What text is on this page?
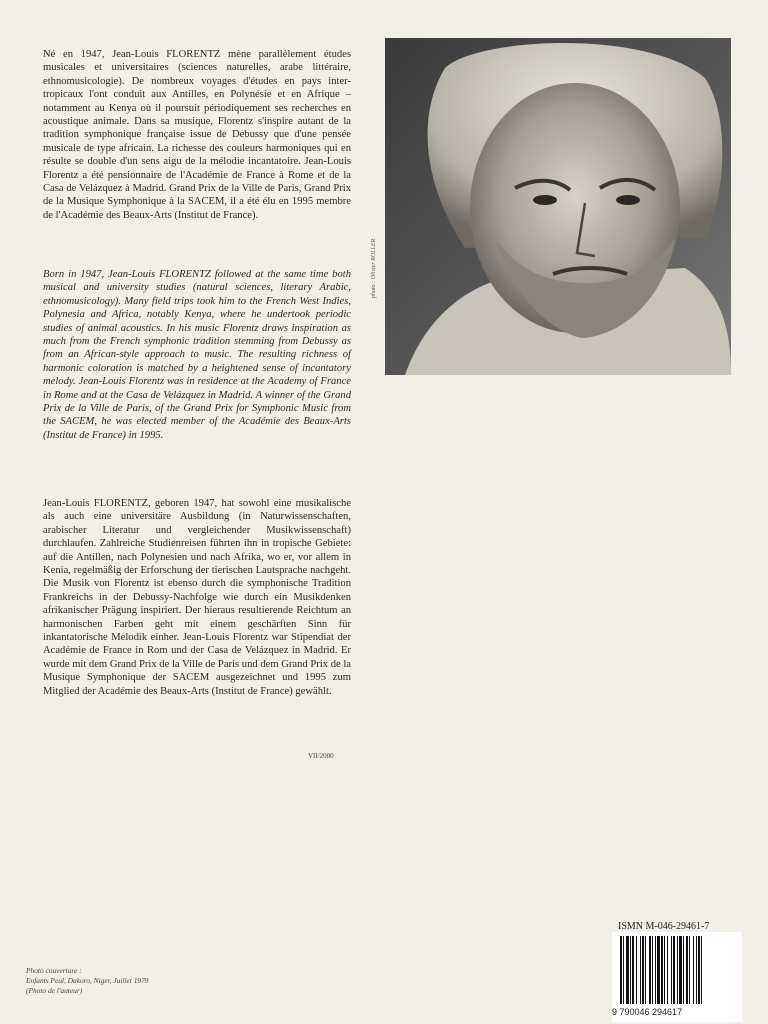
Né en 1947, Jean-Louis FLORENTZ mène parallèlement études musicales et universitaires (sciences naturelles, arabe littéraire, ethnomusicologie). De nombreux voyages d'études en pays inter-tropicaux l'ont conduit aux Antilles, en Polynésie et en Afrique – notamment au Kenya où il poursuit périodiquement ses recherches en acoustique animale. Dans sa musique, Florentz s'inspire autant de la tradition symphonique française issue de Debussy que d'une pensée musicale de type africain. La richesse des couleurs harmoniques qui en résulte se double d'un sens aigu de la mélodie incantatoire. Jean-Louis Florentz a été pensionnaire de l'Académie de France à Rome et de la Casa de Velázquez à Madrid. Grand Prix de la Ville de Paris, Grand Prix de la Musique Symphonique à la SACEM, il a été élu en 1995 membre de l'Académie des Beaux-Arts (Institut de France).

Born in 1947, Jean-Louis FLORENTZ followed at the same time both musical and university studies (natural sciences, literary Arabic, ethnomusicology). Many field trips took him to the French West Indies, Polynesia and Africa, notably Kenya, where he undertook periodic studies of animal acoustics. In his music Florentz draws inspiration as much from the French symphonic tradition stemming from Debussy as from an African-style approach to music. The resulting richness of harmonic coloration is matched by a heightened sense of incantatory melody. Jean-Louis Florentz was in residence at the Academy of France in Rome and at the Casa de Velázquez in Madrid. A winner of the Grand Prix de la Ville de Paris, of the Grand Prix for Symphonic Music from the SACEM, he was elected member of the Académie des Beaux-Arts (Institut de France) in 1995.

Jean-Louis FLORENTZ, geboren 1947, hat sowohl eine musikalische als auch eine universitäre Ausbildung (in Naturwissenschaften, arabischer Literatur und vergleichender Musikwissenschaft) durchlaufen. Zahlreiche Studienreisen führten ihn in tropische Gebiete: auf die Antillen, nach Polynesien und nach Afrika, wo er, vor allem in Kenia, regelmäßig der Erforschung der tierischen Lautsprache nachgeht. Die Musik von Florentz ist ebenso durch die symphonische Tradition Frankreichs in der Debussy-Nachfolge wie durch ein Musikdenken afrikanischer Prägung inspiriert. Der hieraus resultierende Reichtum an harmonischen Farben geht mit einem geschärften Sinn für inkantatorische Melodik einher. Jean-Louis Florentz war Stipendiat der Académie de France in Rom und der Casa de Velázquez in Madrid. Er wurde mit dem Grand Prix de la Ville de Paris und dem Grand Prix de la Musique Symphonique der SACEM ausgezeichnet und 1995 zum Mitglied der Académie des Beaux-Arts (Institut de France) gewählt.

VII/2000
photo : Olivier ROLLER
Photo couverture :
Enfants Peul, Dakoro, Niger, Juillet 1979
(Photo de l'auteur)
ISMN M-046-29461-7
9 790046 294617
